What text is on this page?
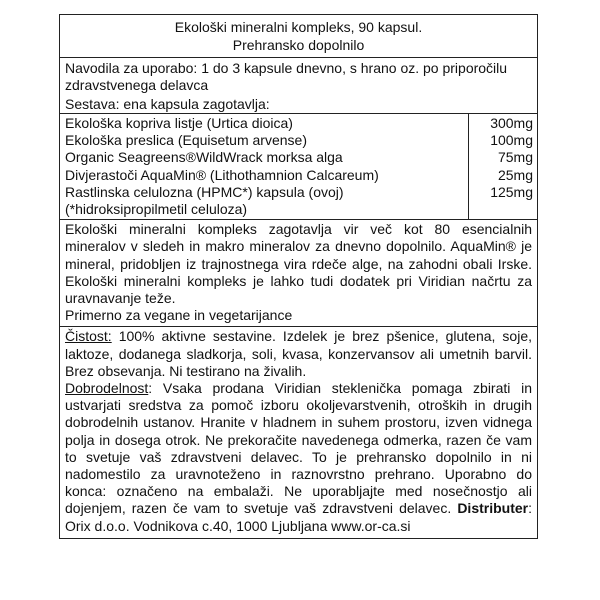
Ekološki mineralni kompleks, 90 kapsul.
Prehransko dopolnilo
Navodila za uporabo: 1 do 3 kapsule dnevno, s hrano oz. po priporočilu zdravstvenega delavca
Sestava: ena kapsula zagotavlja:
Ekološka kopriva listje (Urtica dioica)
Ekološka preslica (Equisetum arvense)
Organic Seagreens®WildWrack morksa alga
Divjerastoči AquaMin® (Lithothamnion Calcareum)
Rastlinska celulozna (HPMC*) kapsula (ovoj)
(*hidroksipropilmetil celuloza)
300mg
100mg
75mg
25mg
125mg

Ekološki mineralni kompleks zagotavlja vir več kot 80 esencialnih mineralov v sledeh in makro mineralov za dnevno dopolnilo. AquaMin® je mineral, pridobljen iz trajnostnega vira rdeče alge, na zahodni obali Irske. Ekološki mineralni kompleks je lahko tudi dodatek pri Viridian načrtu za uravnavanje teže.

Primerno za vegane in vegetarijance

Čistost: 100% aktivne sestavine. Izdelek je brez pšenice, glutena, soje, laktoze, dodanega sladkorja, soli, kvasa, konzervansov ali umetnih barvil. Brez obsevanja. Ni testirano na živalih.
Dobrodelnost: Vsaka prodana Viridian steklenička pomaga zbirati in ustvarjati sredstva za pomoč izboru okoljevarstvenih, otroških in drugih dobrodelnih ustanov. Hranite v hladnem in suhem prostoru, izven vidnega polja in dosega otrok. Ne prekoračite navedenega odmerka, razen če vam to svetuje vaš zdravstveni delavec. To je prehransko dopolnilo in ni nadomestilo za uravnoteženo in raznovrstno prehrano. Uporabno do konca: označeno na embalaži. Ne uporabljajte med nosečnostjo ali dojenjem, razen če vam to svetuje vaš zdravstveni delavec. Distributer: Orix d.o.o. Vodnikova c.40, 1000 Ljubljana www.or-ca.si
